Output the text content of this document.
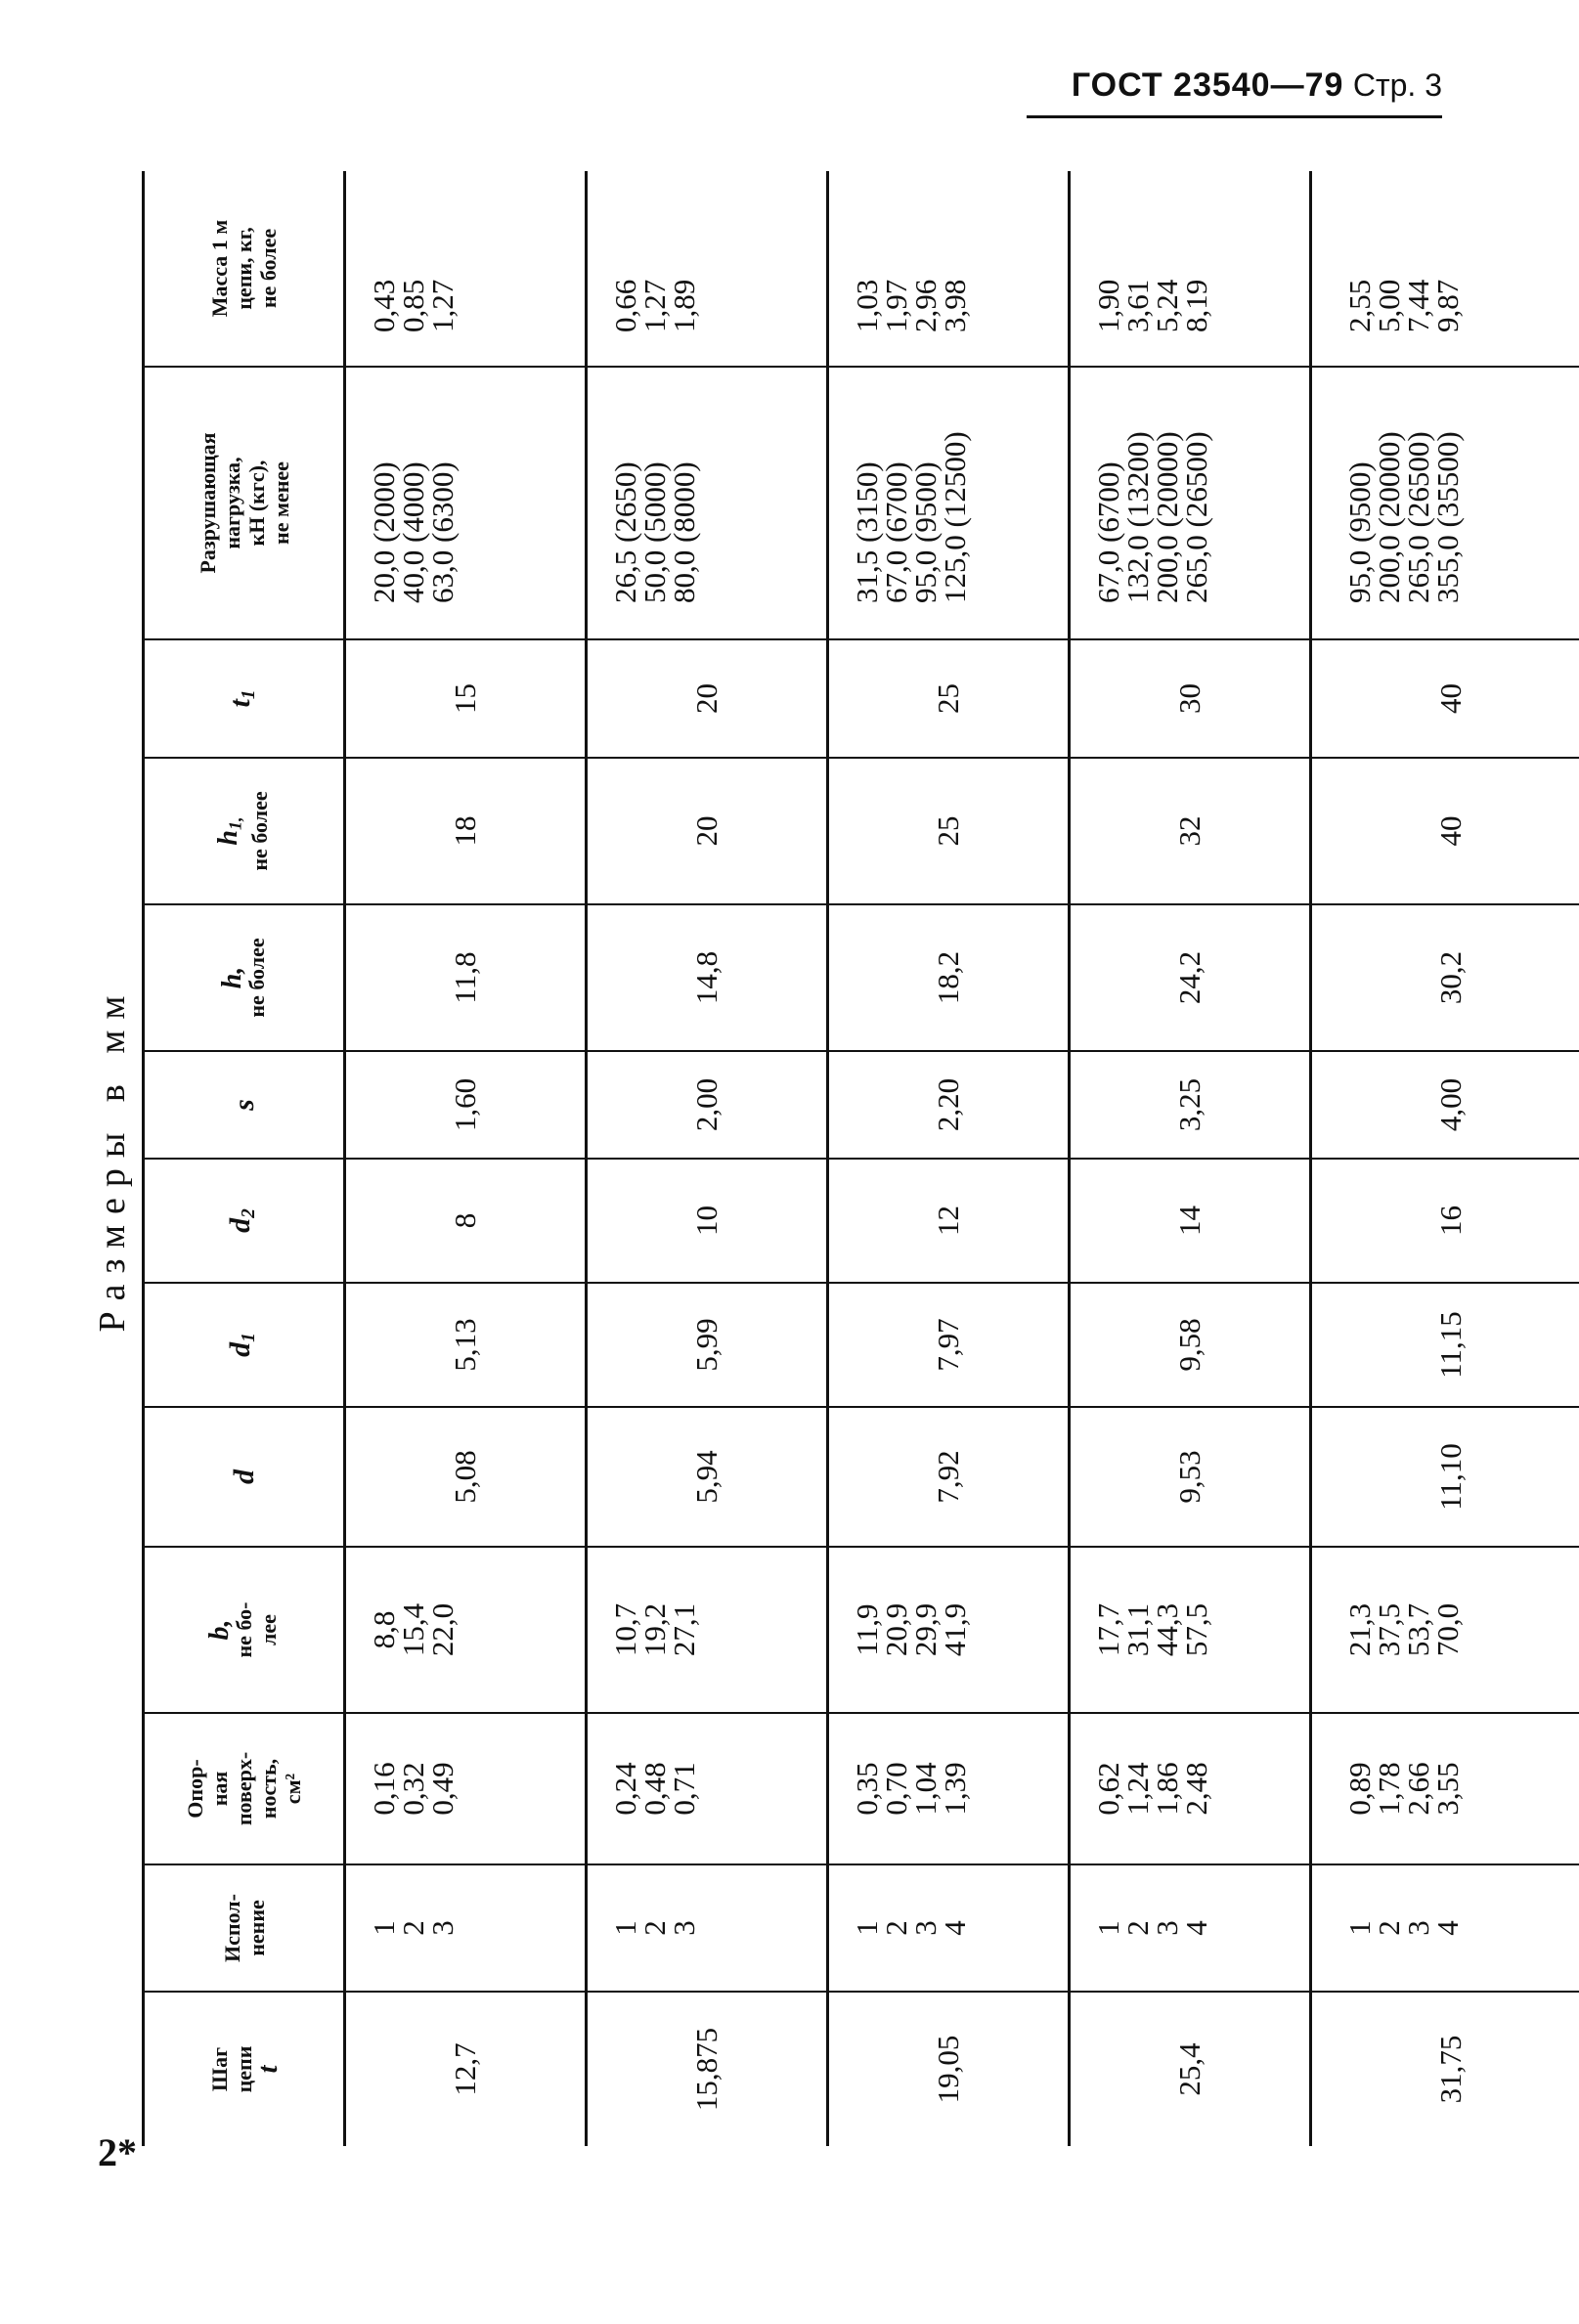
ГОСТ 23540—79 Стр. 3
Размеры в мм
Шаг цепи
t	Испол- нение	Опор- ная поверх- ность, см²	b,
не бо- лее	d	$d_1$	$d_2$	s	h,
не более	$h_{1,}$ не более	$t_1$	Разрушающая нагрузка, кН (кгс), не менее	Масса 1 м цепи, кг, не более

12,7	1
2
3	0,16
0,32
0,49	8,8
15,4
22,0	5,08	5,13	8	1,60	11,8	18	15	20,0 (2000)
40,0 (4000)
63,0 (6300)	0,43
0,85
1,27

15,875	1
2
3	0,24
0,48
0,71	10,7
19,2
27,1	5,94	5,99	10	2,00	14,8	20	20	26,5 (2650)
50,0 (5000)
80,0 (8000)	0,66
1,27
1,89

19,05	1
2
3
4	0,35
0,70
1,04
1,39	11,9
20,9
29,9
41,9	7,92	7,97	12	2,20	18,2	25	25	31,5 (3150)
67,0 (6700)
95,0 (9500)
125,0 (12500)	1,03
1,97
2,96
3,98

25,4	1
2
3
4	0,62
1,24
1,86
2,48	17,7
31,1
44,3
57,5	9,53	9,58	14	3,25	24,2	32	30	67,0 (6700)
132,0 (13200)
200,0 (20000)
265,0 (26500)	1,90
3,61
5,24
8,19

31,75	1
2
3
4	0,89
1,78
2,66
3,55	21,3
37,5
53,7
70,0	11,10	11,15	16	4,00	30,2	40	40	95,0 (9500)
200,0 (20000)
265,0 (26500)
355,0 (35500)	2,55
5,00
7,44
9,87
2*
